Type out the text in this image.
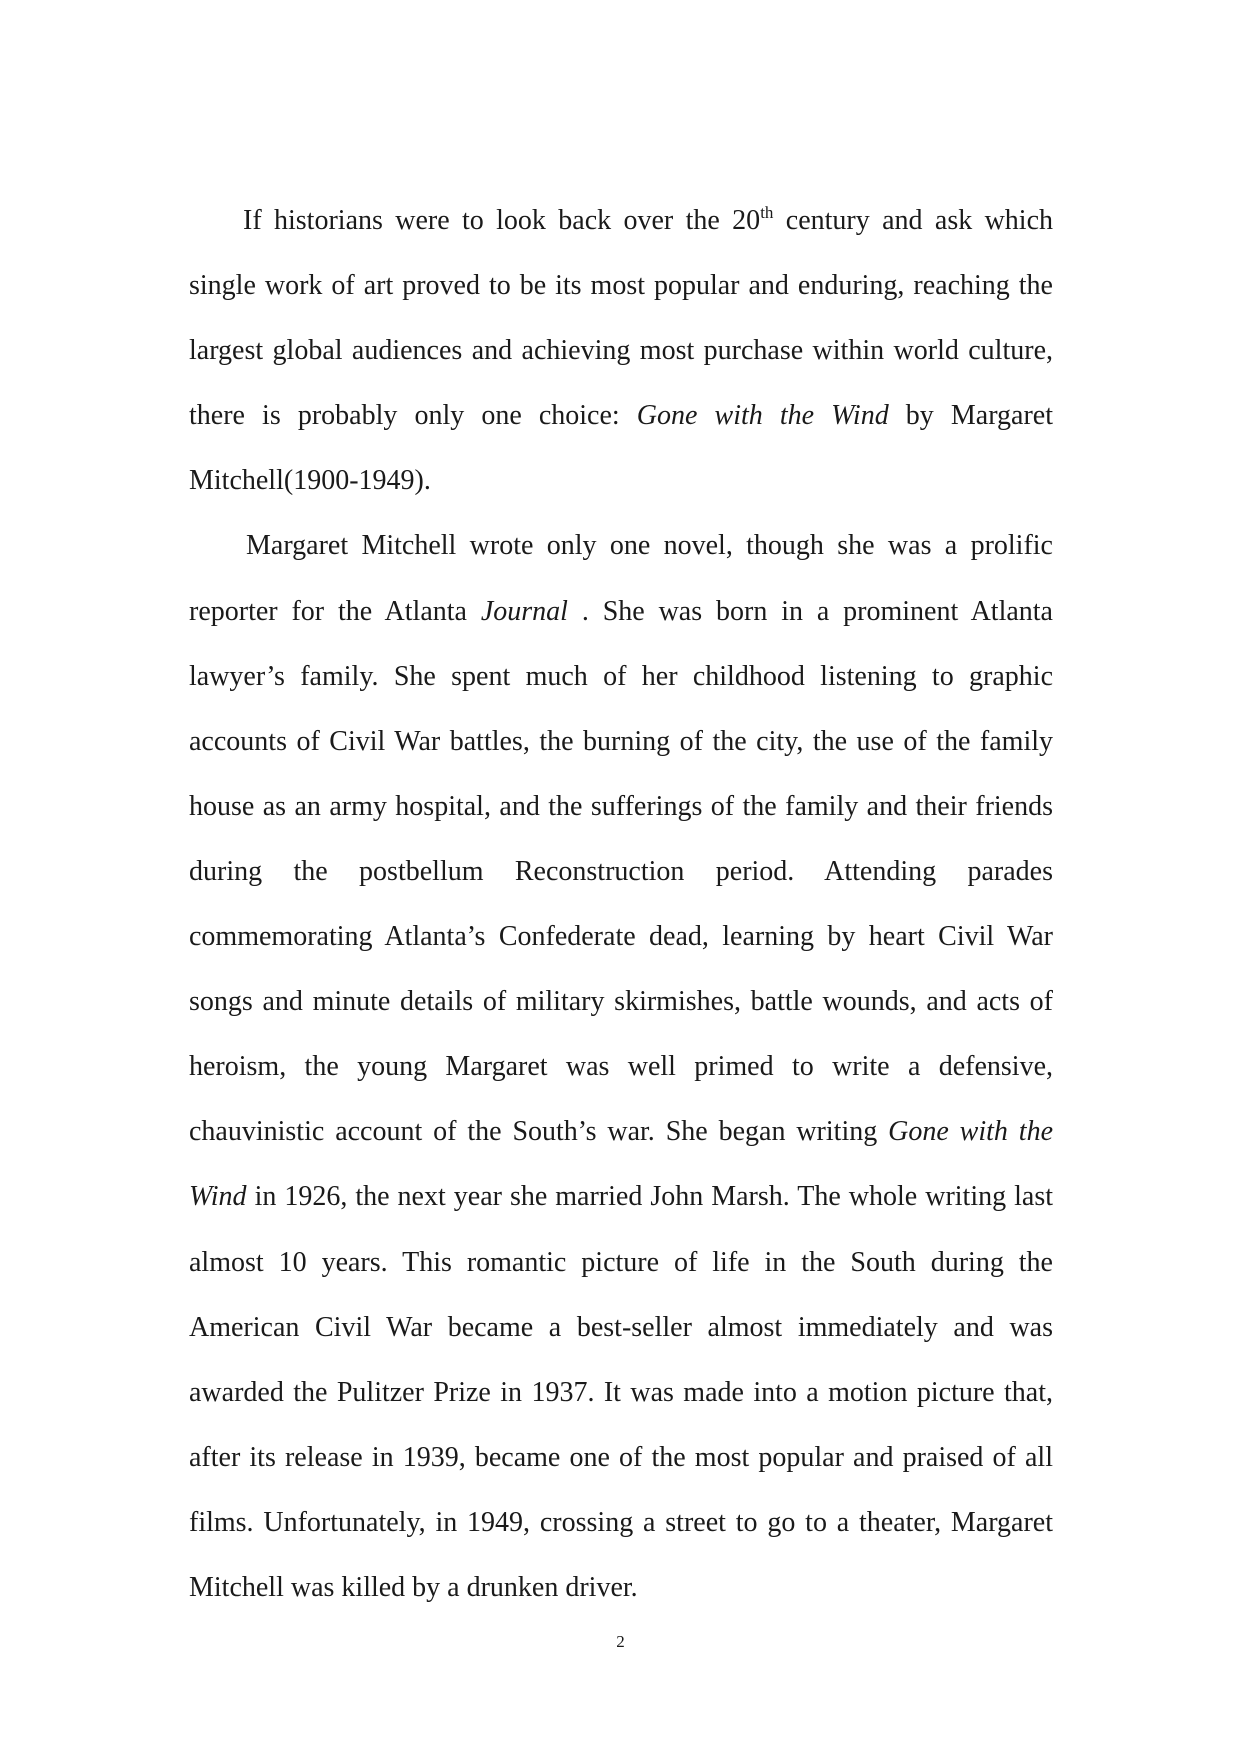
If historians were to look back over the 20th century and ask which single work of art proved to be its most popular and enduring, reaching the largest global audiences and achieving most purchase within world culture, there is probably only one choice: Gone with the Wind by Margaret Mitchell(1900-1949).

Margaret Mitchell wrote only one novel, though she was a prolific reporter for the Atlanta Journal . She was born in a prominent Atlanta lawyer’s family. She spent much of her childhood listening to graphic accounts of Civil War battles, the burning of the city, the use of the family house as an army hospital, and the sufferings of the family and their friends during the postbellum Reconstruction period. Attending parades commemorating Atlanta’s Confederate dead, learning by heart Civil War songs and minute details of military skirmishes, battle wounds, and acts of heroism, the young Margaret was well primed to write a defensive, chauvinistic account of the South’s war. She began writing Gone with the Wind in 1926, the next year she married John Marsh. The whole writing last almost 10 years. This romantic picture of life in the South during the American Civil War became a best-seller almost immediately and was awarded the Pulitzer Prize in 1937. It was made into a motion picture that, after its release in 1939, became one of the most popular and praised of all films. Unfortunately, in 1949, crossing a street to go to a theater, Margaret Mitchell was killed by a drunken driver.

2
